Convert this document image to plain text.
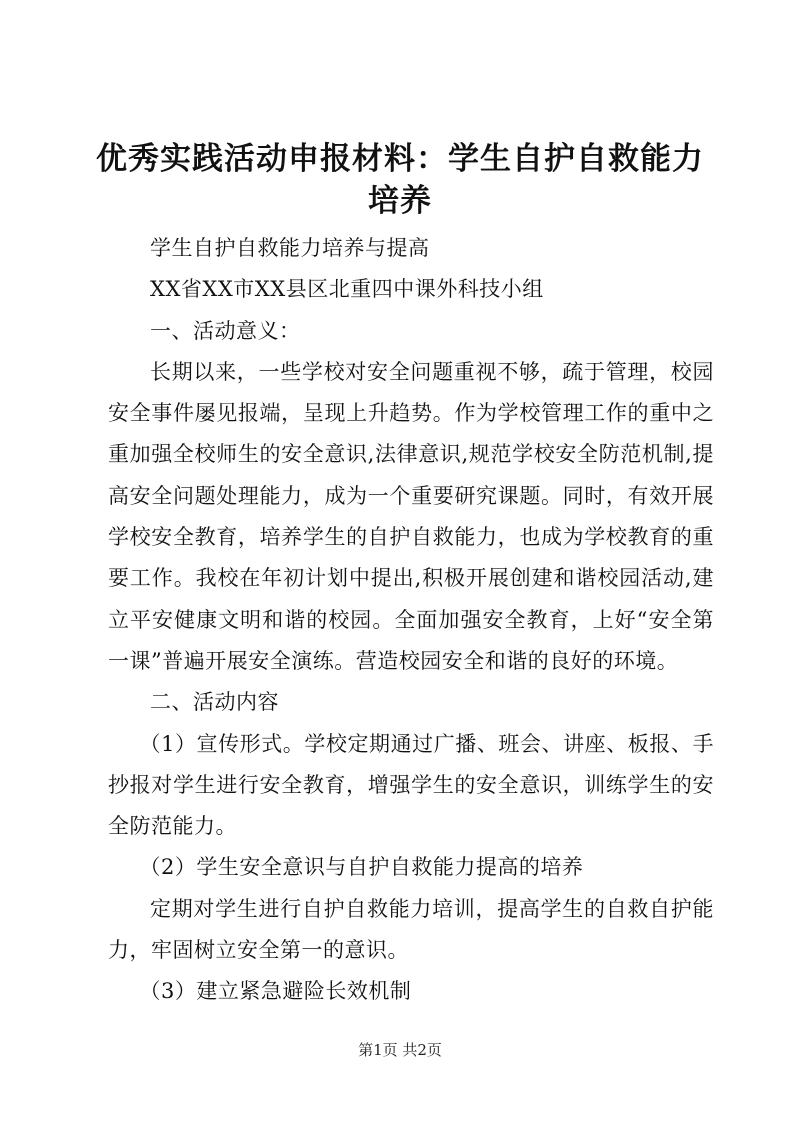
优秀实践活动申报材料：学生自护自救能力培养

学生自护自救能力培养与提高

XX省XX市XX县区北重四中课外科技小组

一、活动意义：

长期以来，一些学校对安全问题重视不够，疏于管理，校园安全事件屡见报端，呈现上升趋势。作为学校管理工作的重中之重加强全校师生的安全意识,法律意识,规范学校安全防范机制,提高安全问题处理能力，成为一个重要研究课题。同时，有效开展学校安全教育，培养学生的自护自救能力，也成为学校教育的重要工作。我校在年初计划中提出,积极开展创建和谐校园活动,建立平安健康文明和谐的校园。全面加强安全教育，上好“安全第一课”普遍开展安全演练。营造校园安全和谐的良好的环境。

二、活动内容

（1）宣传形式。学校定期通过广播、班会、讲座、板报、手抄报对学生进行安全教育，增强学生的安全意识，训练学生的安全防范能力。

（2）学生安全意识与自护自救能力提高的培养

定期对学生进行自护自救能力培训，提高学生的自救自护能力，牢固树立安全第一的意识。

（3）建立紧急避险长效机制

第1页 共2页
